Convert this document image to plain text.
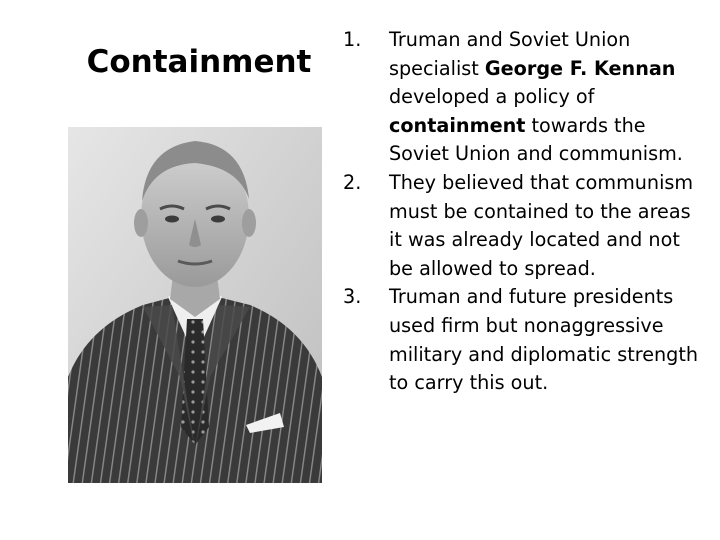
Containment
1.	Truman and Soviet Union specialist George F. Kennan developed a policy of containment towards the Soviet Union and communism.
2.	They believed that communism must be contained to the areas it was already located and not be allowed to spread.
3.	Truman and future presidents used firm but nonaggressive military and diplomatic strength to carry this out.
